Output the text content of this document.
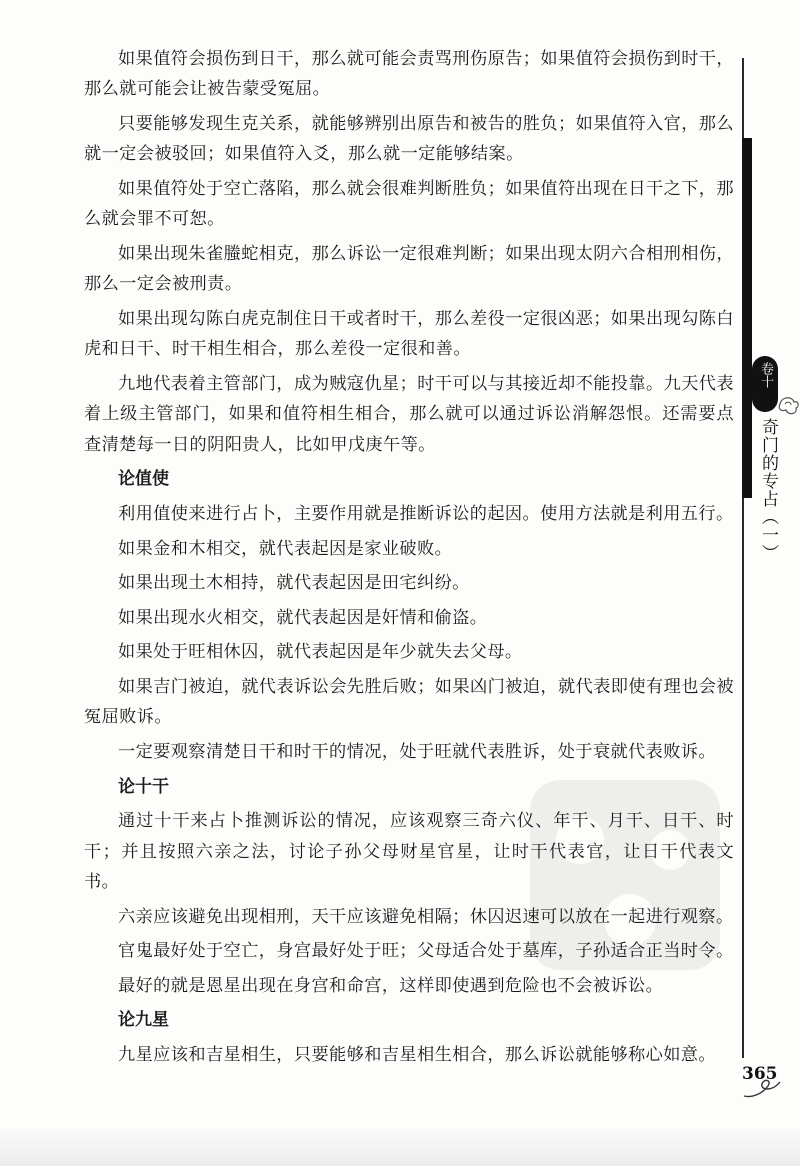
卷十
奇门的专占（一）

如果值符会损伤到日干，那么就可能会责骂刑伤原告；如果值符会损伤到时干，那么就可能会让被告蒙受冤屈。

只要能够发现生克关系，就能够辨别出原告和被告的胜负；如果值符入官，那么就一定会被驳回；如果值符入爻，那么就一定能够结案。

如果值符处于空亡落陷，那么就会很难判断胜负；如果值符出现在日干之下，那么就会罪不可恕。

如果出现朱雀螣蛇相克，那么诉讼一定很难判断；如果出现太阴六合相刑相伤，那么一定会被刑责。

如果出现勾陈白虎克制住日干或者时干，那么差役一定很凶恶；如果出现勾陈白虎和日干、时干相生相合，那么差役一定很和善。

九地代表着主管部门，成为贼寇仇星；时干可以与其接近却不能投靠。九天代表着上级主管部门，如果和值符相生相合，那么就可以通过诉讼消解怨恨。还需要点查清楚每一日的阴阳贵人，比如甲戊庚午等。

论值使

利用值使来进行占卜，主要作用就是推断诉讼的起因。使用方法就是利用五行。

如果金和木相交，就代表起因是家业破败。

如果出现土木相持，就代表起因是田宅纠纷。

如果出现水火相交，就代表起因是奸情和偷盗。

如果处于旺相休囚，就代表起因是年少就失去父母。

如果吉门被迫，就代表诉讼会先胜后败；如果凶门被迫，就代表即使有理也会被冤屈败诉。

一定要观察清楚日干和时干的情况，处于旺就代表胜诉，处于衰就代表败诉。

论十干

通过十干来占卜推测诉讼的情况，应该观察三奇六仪、年干、月干、日干、时干；并且按照六亲之法，讨论子孙父母财星官星，让时干代表官，让日干代表文书。

六亲应该避免出现相刑，天干应该避免相隔；休囚迟速可以放在一起进行观察。

官鬼最好处于空亡，身宫最好处于旺；父母适合处于墓库，子孙适合正当时令。

最好的就是恩星出现在身宫和命宫，这样即使遇到危险也不会被诉讼。

论九星

九星应该和吉星相生，只要能够和吉星相生相合，那么诉讼就能够称心如意。

365
